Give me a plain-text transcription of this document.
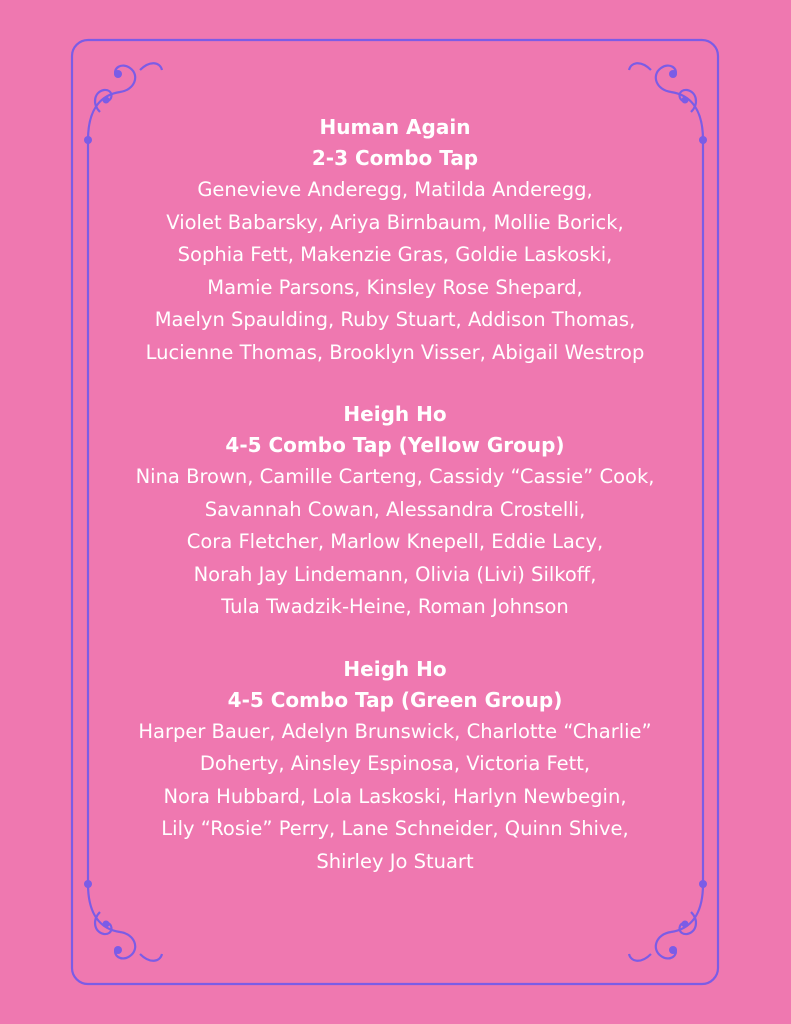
Human Again
2-3 Combo Tap
Genevieve Anderegg, Matilda Anderegg,
Violet Babarsky, Ariya Birnbaum, Mollie Borick,
Sophia Fett, Makenzie Gras, Goldie Laskoski,
Mamie Parsons, Kinsley Rose Shepard,
Maelyn Spaulding, Ruby Stuart, Addison Thomas,
Lucienne Thomas, Brooklyn Visser, Abigail Westrop
Heigh Ho
4-5 Combo Tap (Yellow Group)
Nina Brown, Camille Carteng, Cassidy “Cassie” Cook,
Savannah Cowan, Alessandra Crostelli,
Cora Fletcher, Marlow Knepell, Eddie Lacy,
Norah Jay Lindemann, Olivia (Livi) Silkoff,
Tula Twadzik-Heine, Roman Johnson
Heigh Ho
4-5 Combo Tap (Green Group)
Harper Bauer, Adelyn Brunswick, Charlotte “Charlie”
Doherty, Ainsley Espinosa, Victoria Fett,
Nora Hubbard, Lola Laskoski, Harlyn Newbegin,
Lily “Rosie” Perry, Lane Schneider, Quinn Shive,
Shirley Jo Stuart
